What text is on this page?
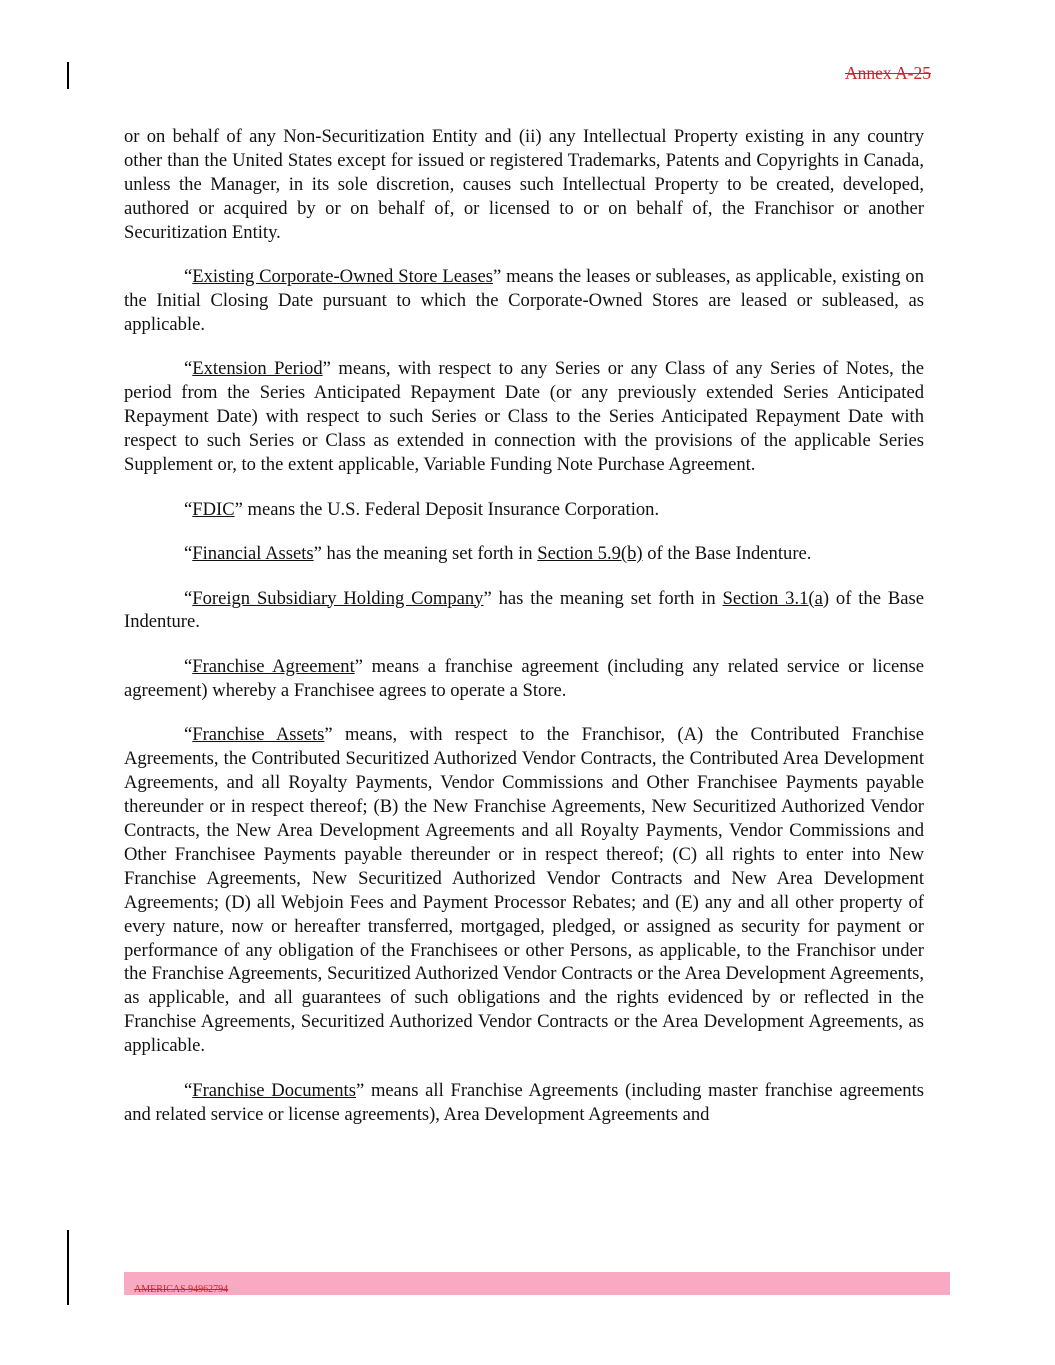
Annex A-25

or on behalf of any Non-Securitization Entity and (ii) any Intellectual Property existing in any country other than the United States except for issued or registered Trademarks, Patents and Copyrights in Canada, unless the Manager, in its sole discretion, causes such Intellectual Property to be created, developed, authored or acquired by or on behalf of, or licensed to or on behalf of, the Franchisor or another Securitization Entity.

“Existing Corporate-Owned Store Leases” means the leases or subleases, as applicable, existing on the Initial Closing Date pursuant to which the Corporate-Owned Stores are leased or subleased, as applicable.

“Extension Period” means, with respect to any Series or any Class of any Series of Notes, the period from the Series Anticipated Repayment Date (or any previously extended Series Anticipated Repayment Date) with respect to such Series or Class to the Series Anticipated Repayment Date with respect to such Series or Class as extended in connection with the provisions of the applicable Series Supplement or, to the extent applicable, Variable Funding Note Purchase Agreement.

“FDIC” means the U.S. Federal Deposit Insurance Corporation.

“Financial Assets” has the meaning set forth in Section 5.9(b) of the Base Indenture.

“Foreign Subsidiary Holding Company” has the meaning set forth in Section 3.1(a) of the Base Indenture.

“Franchise Agreement” means a franchise agreement (including any related service or license agreement) whereby a Franchisee agrees to operate a Store.

“Franchise Assets” means, with respect to the Franchisor, (A) the Contributed Franchise Agreements, the Contributed Securitized Authorized Vendor Contracts, the Contributed Area Development Agreements, and all Royalty Payments, Vendor Commissions and Other Franchisee Payments payable thereunder or in respect thereof; (B) the New Franchise Agreements, New Securitized Authorized Vendor Contracts, the New Area Development Agreements and all Royalty Payments, Vendor Commissions and Other Franchisee Payments payable thereunder or in respect thereof; (C) all rights to enter into New Franchise Agreements, New Securitized Authorized Vendor Contracts and New Area Development Agreements; (D) all Webjoin Fees and Payment Processor Rebates; and (E) any and all other property of every nature, now or hereafter transferred, mortgaged, pledged, or assigned as security for payment or performance of any obligation of the Franchisees or other Persons, as applicable, to the Franchisor under the Franchise Agreements, Securitized Authorized Vendor Contracts or the Area Development Agreements, as applicable, and all guarantees of such obligations and the rights evidenced by or reflected in the Franchise Agreements, Securitized Authorized Vendor Contracts or the Area Development Agreements, as applicable.

“Franchise Documents” means all Franchise Agreements (including master franchise agreements and related service or license agreements), Area Development Agreements and

AMERICAS 94962794
